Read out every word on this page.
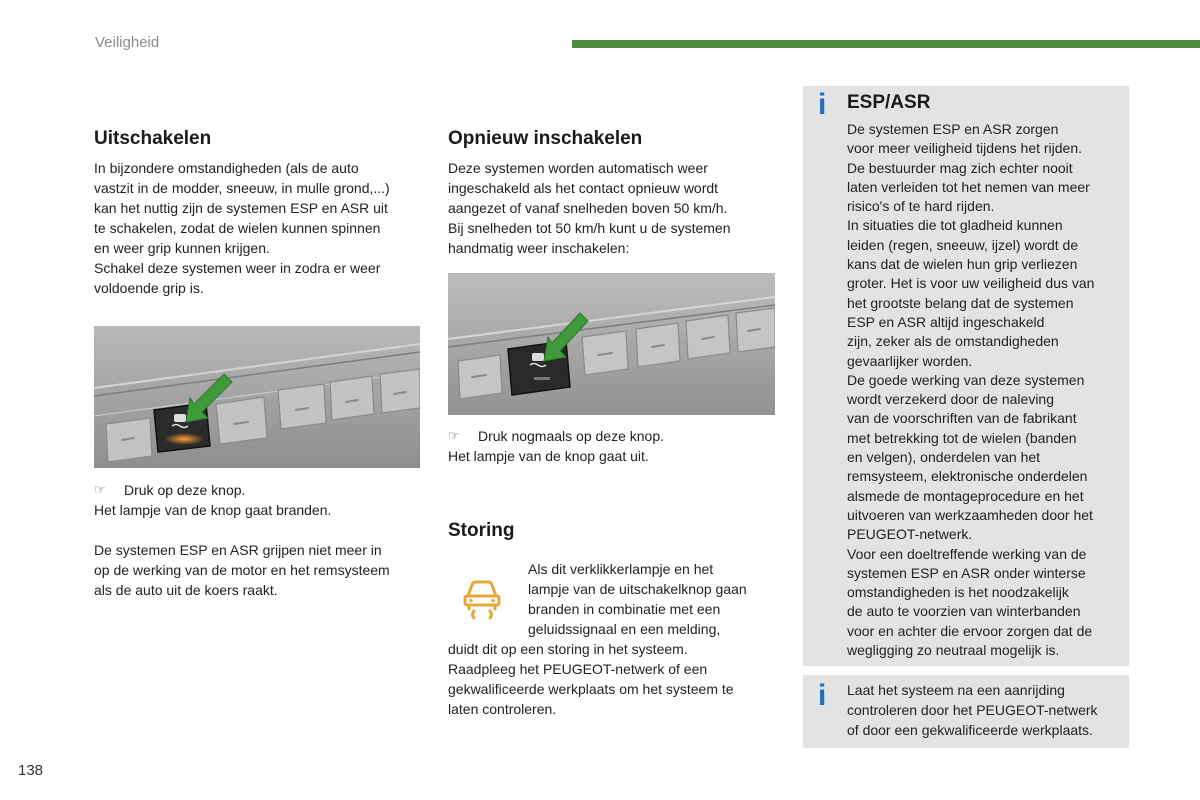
Veiligheid
Uitschakelen

In bijzondere omstandigheden (als de auto
vastzit in de modder, sneeuw, in mulle grond,...)
kan het nuttig zijn de systemen ESP en ASR uit
te schakelen, zodat de wielen kunnen spinnen
en weer grip kunnen krijgen.
Schakel deze systemen weer in zodra er weer
voldoende grip is.

☞ Druk op deze knop.

Het lampje van de knop gaat branden.

De systemen ESP en ASR grijpen niet meer in
op de werking van de motor en het remsysteem
als de auto uit de koers raakt.

Opnieuw inschakelen

Deze systemen worden automatisch weer
ingeschakeld als het contact opnieuw wordt
aangezet of vanaf snelheden boven 50 km/h.
Bij snelheden tot 50 km/h kunt u de systemen
handmatig weer inschakelen:

☞ Druk nogmaals op deze knop.

Het lampje van de knop gaat uit.

Storing

Als dit verklikkerlampje en het
lampje van de uitschakelknop gaan
branden in combinatie met een
geluidssignaal en een melding,

duidt dit op een storing in het systeem.
Raadpleeg het PEUGEOT-netwerk of een
gekwalificeerde werkplaats om het systeem te
laten controleren.

i ESP/ASR
De systemen ESP en ASR zorgen
voor meer veiligheid tijdens het rijden.
De bestuurder mag zich echter nooit
laten verleiden tot het nemen van meer
risico's of te hard rijden.
In situaties die tot gladheid kunnen
leiden (regen, sneeuw, ijzel) wordt de
kans dat de wielen hun grip verliezen
groter. Het is voor uw veiligheid dus van
het grootste belang dat de systemen
ESP en ASR altijd ingeschakeld
zijn, zeker als de omstandigheden
gevaarlijker worden.
De goede werking van deze systemen
wordt verzekerd door de naleving
van de voorschriften van de fabrikant
met betrekking tot de wielen (banden
en velgen), onderdelen van het
remsysteem, elektronische onderdelen
alsmede de montageprocedure en het
uitvoeren van werkzaamheden door het
PEUGEOT-netwerk.
Voor een doeltreffende werking van de
systemen ESP en ASR onder winterse
omstandigheden is het noodzakelijk
de auto te voorzien van winterbanden
voor en achter die ervoor zorgen dat de
wegligging zo neutraal mogelijk is.
i Laat het systeem na een aanrijding
controleren door het PEUGEOT-netwerk
of door een gekwalificeerde werkplaats.
138
